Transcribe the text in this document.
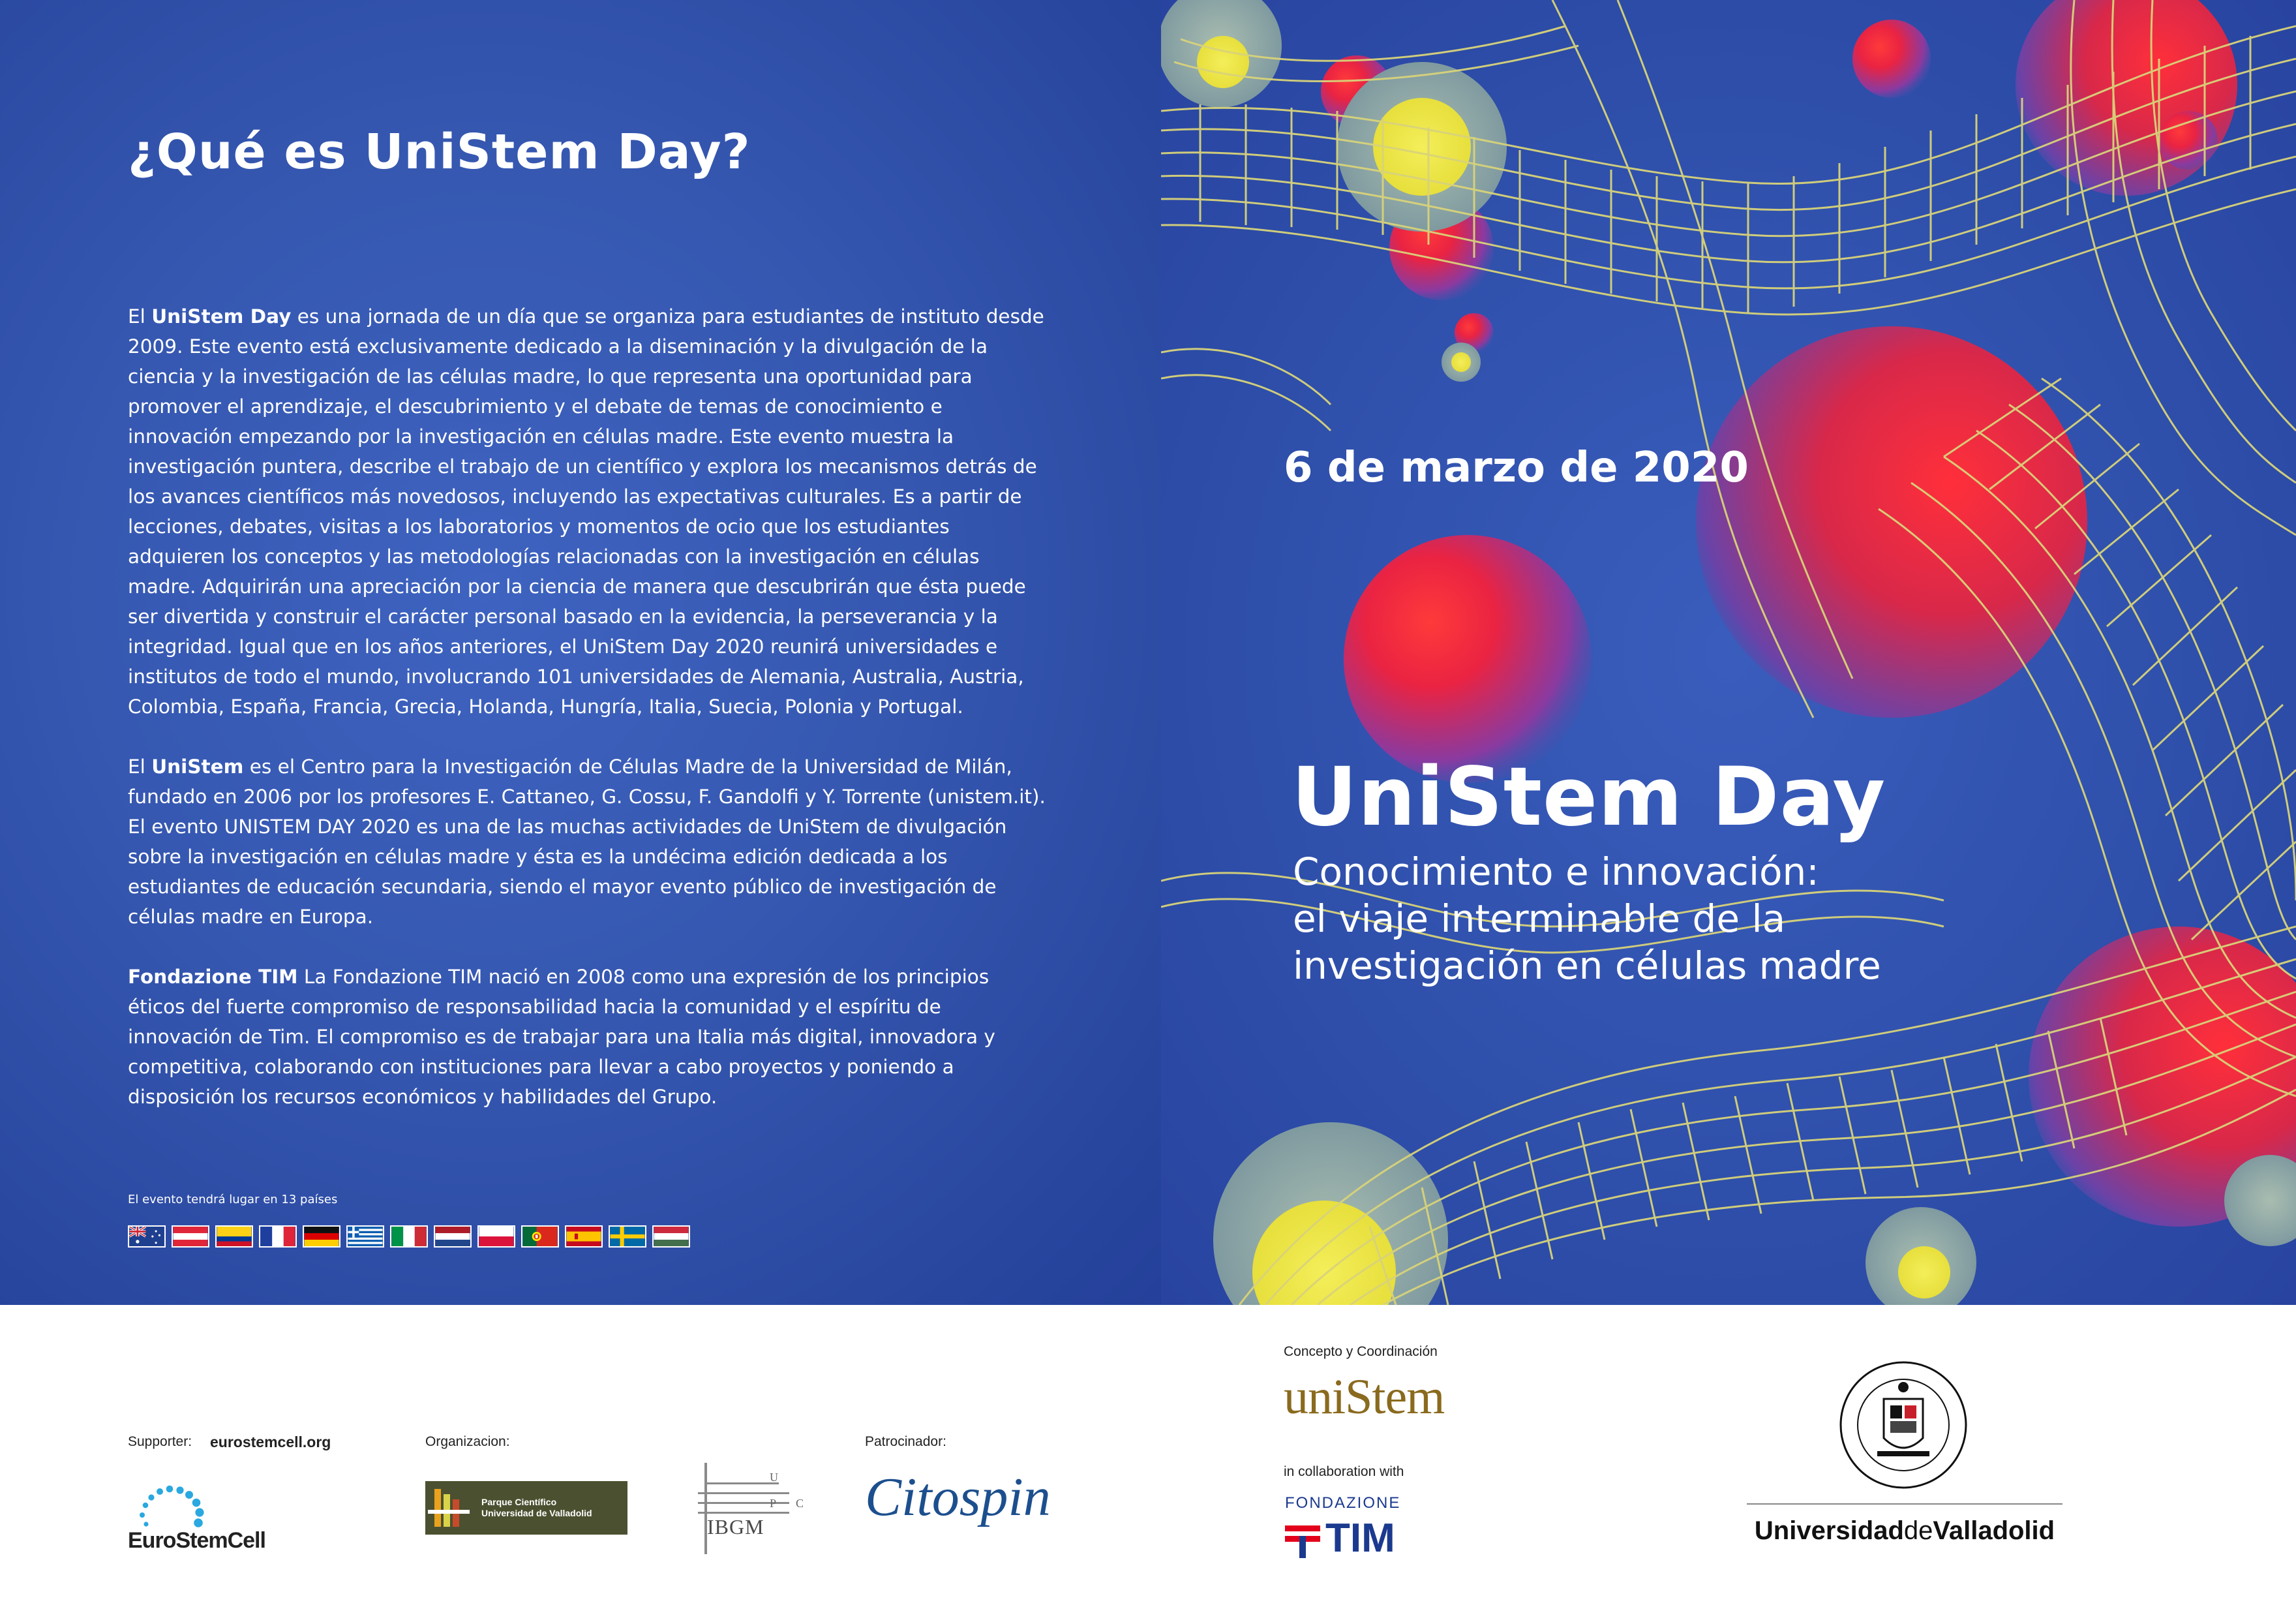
¿Qué es UniStem Day?

El UniStem Day es una jornada de un día que se organiza para estudiantes de instituto desde 2009. Este evento está exclusivamente dedicado a la diseminación y la divulgación de la ciencia y la investigación de las células madre, lo que representa una oportunidad para promover el aprendizaje, el descubrimiento y el debate de temas de conocimiento e innovación empezando por la investigación en células madre. Este evento muestra la investigación puntera, describe el trabajo de un científico y explora los mecanismos detrás de los avances científicos más novedosos, incluyendo las expectativas culturales. Es a partir de lecciones, debates, visitas a los laboratorios y momentos de ocio que los estudiantes adquieren los conceptos y las metodologías relacionadas con la investigación en células madre. Adquirirán una apreciación por la ciencia de manera que descubrirán que ésta puede ser divertida y construir el carácter personal basado en la evidencia, la perseverancia y la integridad. Igual que en los años anteriores, el UniStem Day 2020 reunirá universidades e institutos de todo el mundo, involucrando 101 universidades de Alemania, Australia, Austria, Colombia, España, Francia, Grecia, Holanda, Hungría, Italia, Suecia, Polonia y Portugal.

El UniStem es el Centro para la Investigación de Células Madre de la Universidad de Milán, fundado en 2006 por los profesores E. Cattaneo, G. Cossu, F. Gandolfi y Y. Torrente (unistem.it). El evento UNISTEM DAY 2020 es una de las muchas actividades de UniStem de divulgación sobre la investigación en células madre y ésta es la undécima edición dedicada a los estudiantes de educación secundaria, siendo el mayor evento público de investigación de células madre en Europa.

Fondazione TIM La Fondazione TIM nació en 2008 como una expresión de los principios éticos del fuerte compromiso de responsabilidad hacia la comunidad y el espíritu de innovación de Tim. El compromiso es de trabajar para una Italia más digital, innovadora y competitiva, colaborando con instituciones para llevar a cabo proyectos y poniendo a disposición los recursos económicos y habilidades del Grupo.

El evento tendrá lugar en 13 países
6 de marzo de 2020
UniStem Day
Conocimiento e innovación:
el viaje interminable de la
investigación en células madre
Supporter: eurostemcell.org
EuroStemCell
Organizacion:
Parque Científico
Universidad de Valladolid
U
C
P
IBGM
Patrocinador:
Citospin
Concepto y Coordinación
uniStem
in collaboration with
FONDAZIONE
TIM	UniversidaddeValladolid
